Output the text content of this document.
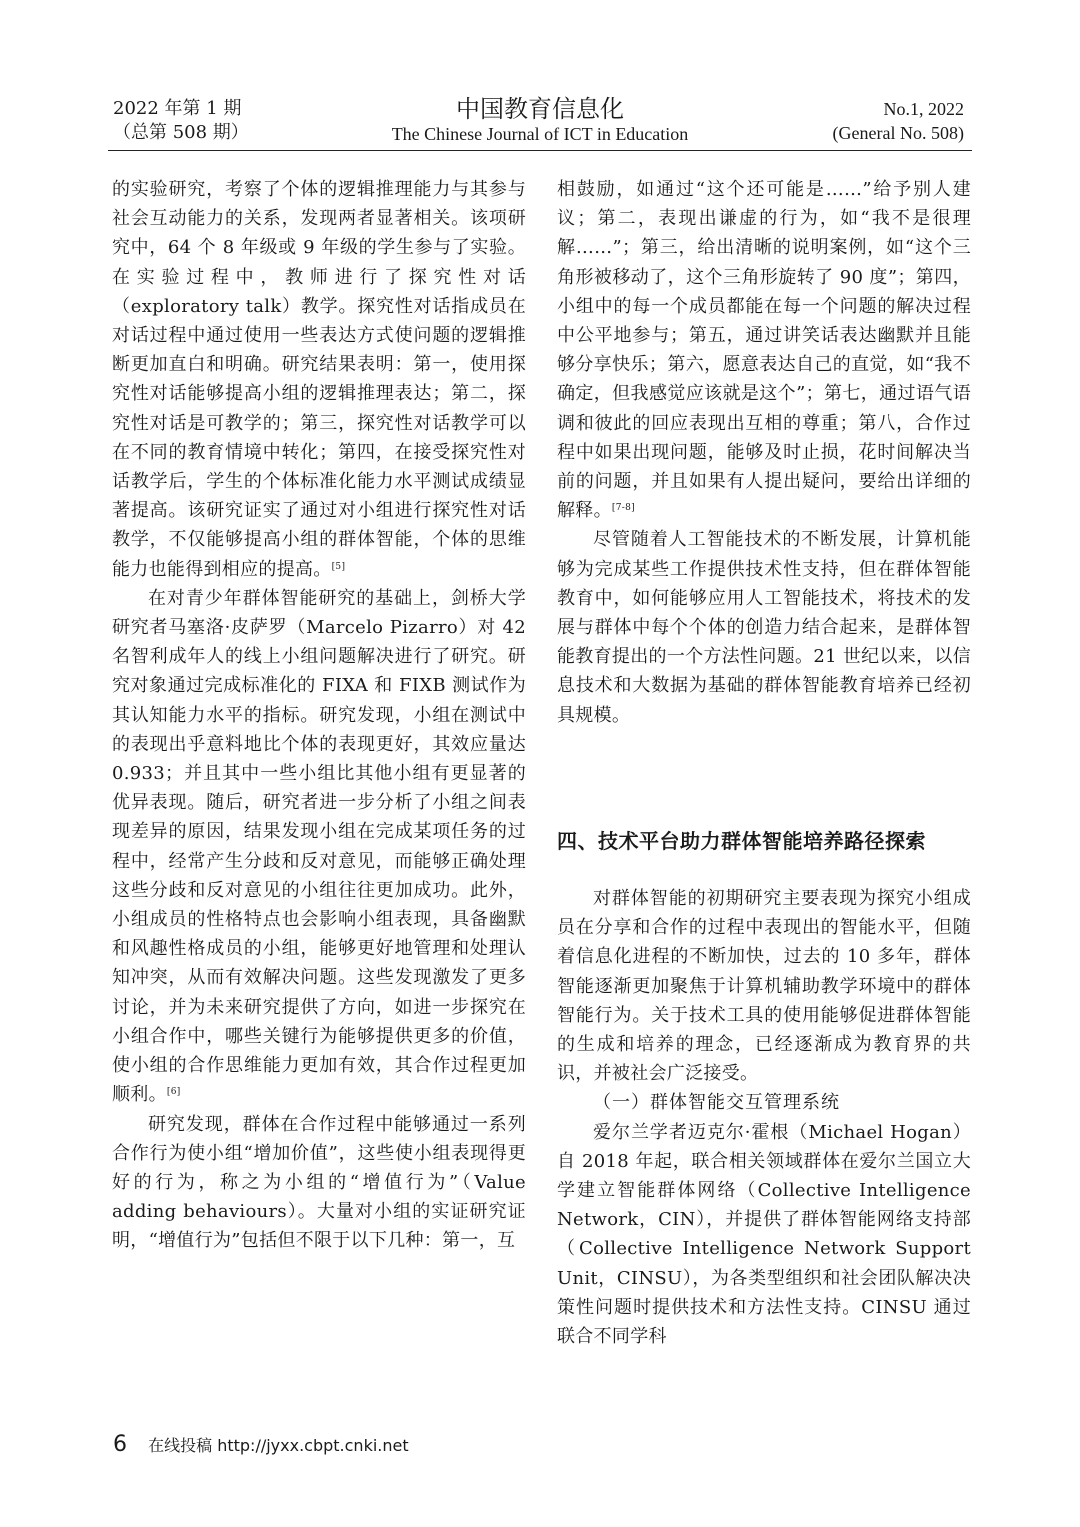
2022 年第 1 期
（总第 508 期）
中国教育信息化
The Chinese Journal of ICT in Education
No.1, 2022
(General No. 508)

的实验研究，考察了个体的逻辑推理能力与其参与社会互动能力的关系，发现两者显著相关。该项研究中，64 个 8 年级或 9 年级的学生参与了实验。在实验过程中，教师进行了探究性对话（exploratory talk）教学。探究性对话指成员在对话过程中通过使用一些表达方式使问题的逻辑推断更加直白和明确。研究结果表明：第一，使用探究性对话能够提高小组的逻辑推理表达；第二，探究性对话是可教学的；第三，探究性对话教学可以在不同的教育情境中转化；第四，在接受探究性对话教学后，学生的个体标准化能力水平测试成绩显著提高。该研究证实了通过对小组进行探究性对话教学，不仅能够提高小组的群体智能，个体的思维能力也能得到相应的提高。[5]

在对青少年群体智能研究的基础上，剑桥大学研究者马塞洛·皮萨罗（Marcelo Pizarro）对 42 名智利成年人的线上小组问题解决进行了研究。研究对象通过完成标准化的 FIXA 和 FIXB 测试作为其认知能力水平的指标。研究发现，小组在测试中的表现出乎意料地比个体的表现更好，其效应量达 0.933；并且其中一些小组比其他小组有更显著的优异表现。随后，研究者进一步分析了小组之间表现差异的原因，结果发现小组在完成某项任务的过程中，经常产生分歧和反对意见，而能够正确处理这些分歧和反对意见的小组往往更加成功。此外，小组成员的性格特点也会影响小组表现，具备幽默和风趣性格成员的小组，能够更好地管理和处理认知冲突，从而有效解决问题。这些发现激发了更多讨论，并为未来研究提供了方向，如进一步探究在小组合作中，哪些关键行为能够提供更多的价值，使小组的合作思维能力更加有效，其合作过程更加顺利。[6]

研究发现，群体在合作过程中能够通过一系列合作行为使小组“增加价值”，这些使小组表现得更好的行为，称之为小组的“增值行为”（Value adding behaviours）。大量对小组的实证研究证明，“增值行为”包括但不限于以下几种：第一，互

相鼓励，如通过“这个还可能是……”给予别人建议；第二，表现出谦虚的行为，如“我不是很理解……”；第三，给出清晰的说明案例，如“这个三角形被移动了，这个三角形旋转了 90 度”；第四，小组中的每一个成员都能在每一个问题的解决过程中公平地参与；第五，通过讲笑话表达幽默并且能够分享快乐；第六，愿意表达自己的直觉，如“我不确定，但我感觉应该就是这个”；第七，通过语气语调和彼此的回应表现出互相的尊重；第八，合作过程中如果出现问题，能够及时止损，花时间解决当前的问题，并且如果有人提出疑问，要给出详细的解释。[7-8]

尽管随着人工智能技术的不断发展，计算机能够为完成某些工作提供技术性支持，但在群体智能教育中，如何能够应用人工智能技术，将技术的发展与群体中每个个体的创造力结合起来，是群体智能教育提出的一个方法性问题。21 世纪以来，以信息技术和大数据为基础的群体智能教育培养已经初具规模。

四、技术平台助力群体智能培养路径探索

对群体智能的初期研究主要表现为探究小组成员在分享和合作的过程中表现出的智能水平，但随着信息化进程的不断加快，过去的 10 多年，群体智能逐渐更加聚焦于计算机辅助教学环境中的群体智能行为。关于技术工具的使用能够促进群体智能的生成和培养的理念，已经逐渐成为教育界的共识，并被社会广泛接受。

（一）群体智能交互管理系统

爱尔兰学者迈克尔·霍根（Michael Hogan）自 2018 年起，联合相关领域群体在爱尔兰国立大学建立智能群体网络（Collective Intelligence Network，CIN），并提供了群体智能网络支持部（Collective Intelligence Network Support Unit，CINSU），为各类型组织和社会团队解决决策性问题时提供技术和方法性支持。CINSU 通过联合不同学科

6 在线投稿 http://jyxx.cbpt.cnki.net
